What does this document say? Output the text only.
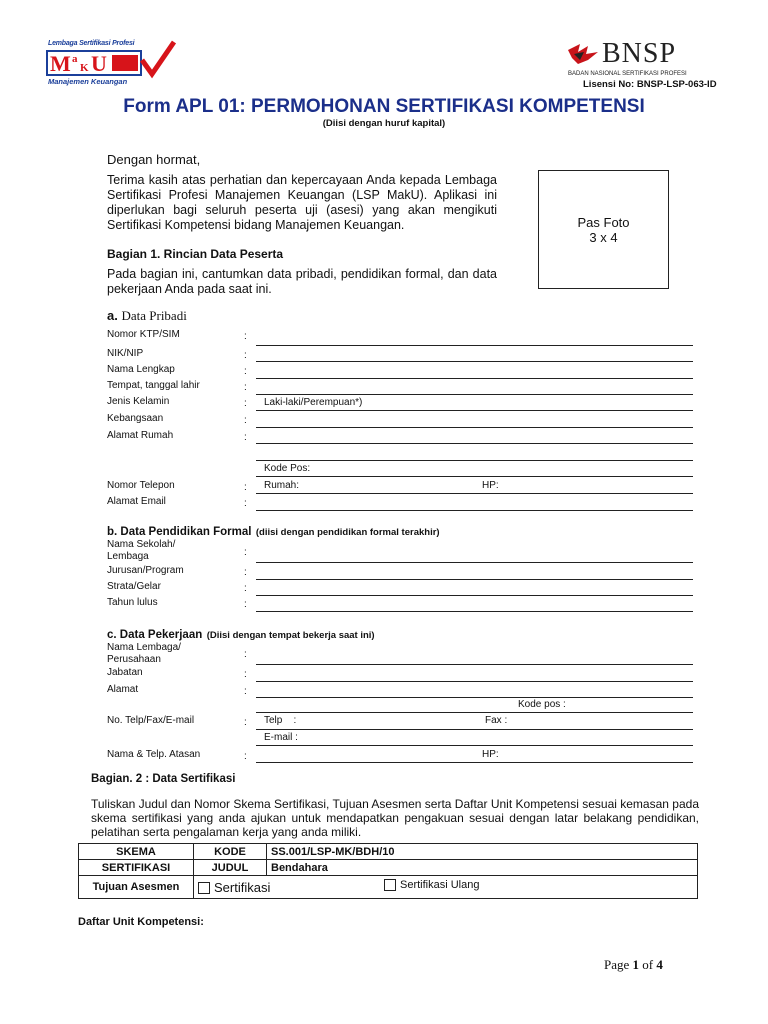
Lembaga Sertifikasi Profesi
M a
K U
Manajemen Keuangan
BNSP
BADAN NASIONAL SERTIFIKASI PROFESI
Lisensi No: BNSP-LSP-063-ID
Form APL 01: PERMOHONAN SERTIFIKASI KOMPETENSI
(Diisi dengan huruf kapital)
Dengan hormat,
Terima kasih atas perhatian dan kepercayaan Anda kepada Lembaga Sertifikasi Profesi Manajemen Keuangan (LSP MakU). Aplikasi ini diperlukan bagi seluruh peserta uji (asesi) yang akan mengikuti Sertifikasi Kompetensi bidang Manajemen Keuangan.	Pas Foto
3 x 4
Bagian 1. Rincian Data Peserta
Pada bagian ini, cantumkan data pribadi, pendidikan formal, dan data pekerjaan Anda pada saat ini.
a. Data Pribadi
Nomor KTP/SIM	:
NIK/NIP	:
Nama Lengkap	:
Tempat, tanggal lahir	:
Jenis Kelamin	: Laki-laki/Perempuan*)
Kebangsaan	:
Alamat Rumah	:
Kode Pos:
Nomor Telepon	: Rumah:	HP:
Alamat Email	:
b. Data Pendidikan Formal (diisi dengan pendidikan formal terakhir)
Nama Sekolah/ Lembaga	:
Jurusan/Program	:
Strata/Gelar	:
Tahun lulus	:
c. Data Pekerjaan (Diisi dengan tempat bekerja saat ini)
Nama Lembaga/ Perusahaan	:
Jabatan	:
Alamat	:
Kode pos :
No. Telp/Fax/E-mail	: Telp    :	Fax :
E-mail :
Nama & Telp. Atasan	:	HP:
Bagian. 2 : Data Sertifikasi
Tuliskan Judul dan Nomor Skema Sertifikasi, Tujuan Asesmen serta Daftar Unit Kompetensi sesuai kemasan pada skema sertifikasi yang anda ajukan untuk mendapatkan pengakuan sesuai dengan latar belakang pendidikan, pelatihan serta pengalaman kerja yang anda miliki.
SKEMA	KODE	SS.001/LSP-MK/BDH/10
SERTIFIKASI	JUDUL	Bendahara
Tujuan Asesmen	Sertifikasi Sertifikasi Ulang	
Daftar Unit Kompetensi:
Page 1 of 4
